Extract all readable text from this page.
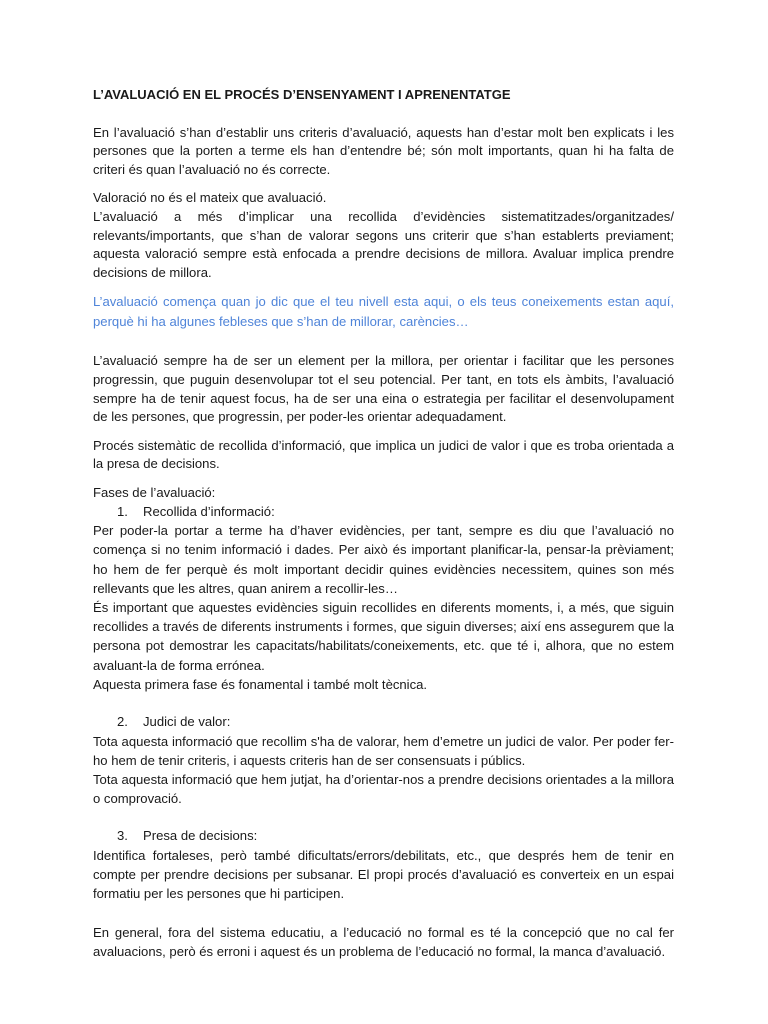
L’AVALUACIÓ EN EL PROCÉS D’ENSENYAMENT I APRENENTATGE

En l’avaluació s’han d’establir uns criteris d’avaluació, aquests han d’estar molt ben explicats i les persones que la porten a terme els han d’entendre bé; són molt importants, quan hi ha falta de criteri és quan l’avaluació no és correcte.

Valoració no és el mateix que avaluació.

L’avaluació a més d’implicar una recollida d’evidències sistematitzades/organitzades/ relevants/importants, que s’han de valorar segons uns criterir que s’han establerts previament; aquesta valoració sempre està enfocada a prendre decisions de millora. Avaluar implica prendre decisions de millora.

L’avaluació comença quan jo dic que el teu nivell esta aqui, o els teus coneixements estan aquí, perquè hi ha algunes febleses que s’han de millorar, carències…

L’avaluació sempre ha de ser un element per la millora, per orientar i facilitar que les persones progressin, que puguin desenvolupar tot el seu potencial. Per tant, en tots els àmbits, l’avaluació sempre ha de tenir aquest focus, ha de ser una eina o estrategia per facilitar el desenvolupament de les persones, que progressin, per poder-les orientar adequadament.

Procés sistemàtic de recollida d’informació, que implica un judici de valor i que es troba orientada a la presa de decisions.

Fases de l’avaluació:

1.	Recollida d’informació:

Per poder-la portar a terme ha d’haver evidències, per tant, sempre es diu que l’avaluació no comença si no tenim informació i dades. Per això és important planificar-la, pensar-la prèviament; ho hem de fer perquè és molt important decidir quines evidències necessitem, quines son més rellevants que les altres, quan anirem a recollir-les…

És important que aquestes evidències siguin recollides en diferents moments, i, a més, que siguin recollides a través de diferents instruments i formes, que siguin diverses; així ens assegurem que la persona pot demostrar les capacitats/habilitats/coneixements, etc. que té i, alhora, que no estem avaluant-la de forma errónea.

Aquesta primera fase és fonamental i també molt tècnica.

2.	Judici de valor:

Tota aquesta informació que recollim s'ha de valorar, hem d’emetre un judici de valor. Per poder fer-ho hem de tenir criteris, i aquests criteris han de ser consensuats i públics.

Tota aquesta informació que hem jutjat, ha d’orientar-nos a prendre decisions orientades a la millora o comprovació.

3.	Presa de decisions:

Identifica fortaleses, però també dificultats/errors/debilitats, etc., que després hem de tenir en compte per prendre decisions per subsanar. El propi procés d’avaluació es converteix en un espai formatiu per les persones que hi participen.

En general, fora del sistema educatiu, a l’educació no formal es té la concepció que no cal fer avaluacions, però és erroni i aquest és un problema de l’educació no formal, la manca d’avaluació.
